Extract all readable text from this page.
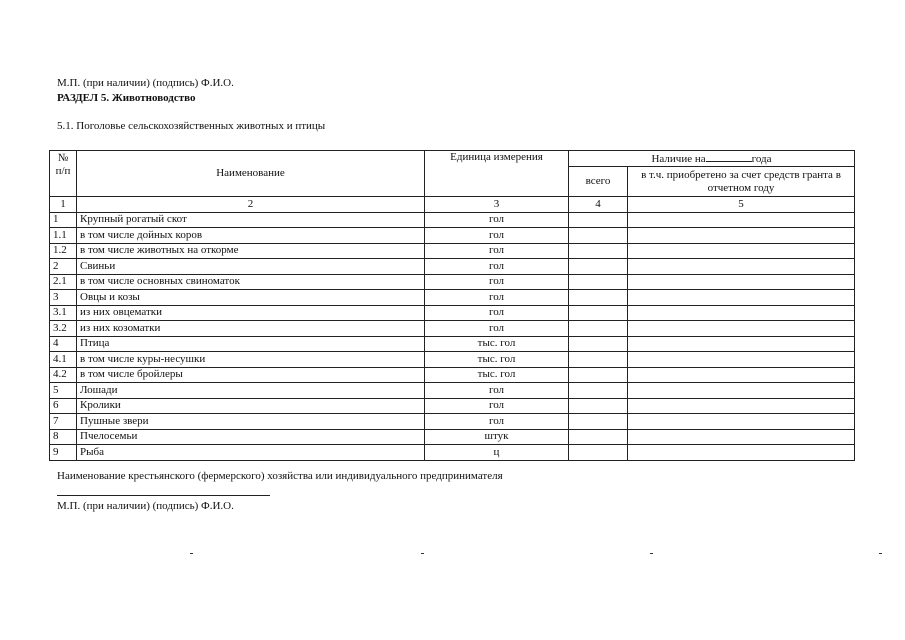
М.П. (при наличии) (подпись) Ф.И.О.
РАЗДЕЛ 5. Животноводство
5.1. Поголовье сельскохозяйственных животных и птицы
№ п/п	Наименование	Единица измерения	Наличие на года	
			всего	в т.ч. приобретено за счет средств гранта в отчетном году
1	2	3	4	5
1	Крупный рогатый скот	гол		
1.1	в том числе дойных коров	гол		
1.2	в том числе животных на откорме	гол		
2	Свиньи	гол		
2.1	в том числе основных свиноматок	гол		
3	Овцы и козы	гол		
3.1	из них овцематки	гол		
3.2	из них козоматки	гол		
4	Птица	тыс. гол		
4.1	в том числе куры-несушки	тыс. гол		
4.2	в том числе бройлеры	тыс. гол		
5	Лошади	гол		
6	Кролики	гол		
7	Пушные звери	гол		
8	Пчелосемьи	штук		
9	Рыба	ц		
Наименование крестьянского (фермерского) хозяйства или индивидуального предпринимателя
М.П. (при наличии) (подпись) Ф.И.О.
